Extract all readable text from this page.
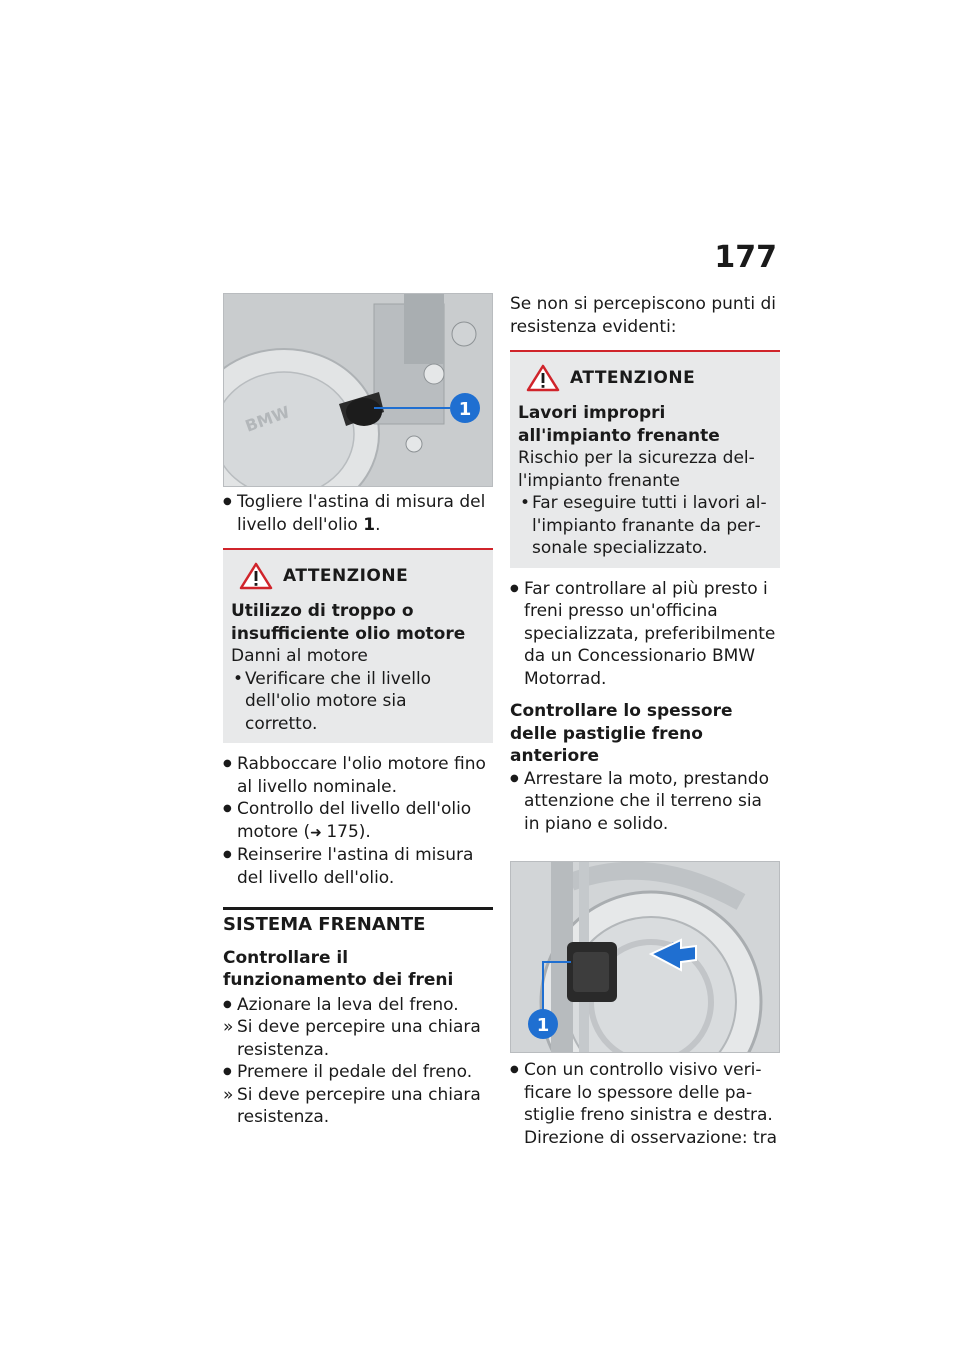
177
BMW	1

● Togliere l'astina di misura del livello dell'olio 1.

ATTENZIONE
Utilizzo di troppo o insufficiente olio motore
Danni al motore
• Verificare che il livello dell'olio motore sia corretto.

● Rabboccare l'olio motore fino al livello nominale.

● Controllo del livello dell'olio motore (➜ 175).

● Reinserire l'astina di misura del livello dell'olio.

SISTEMA FRENANTE
Controllare il funzionamento dei freni

● Azionare la leva del freno.

» Si deve percepire una chiara resistenza.

● Premere il pedale del freno.

» Si deve percepire una chiara resistenza.

Se non si percepiscono punti di resistenza evidenti:

ATTENZIONE
Lavori impropri all'impianto frenante
Rischio per la sicurezza dell'impianto frenante
• Far eseguire tutti i lavori all'impianto franante da personale specializzato.

● Far controllare al più presto i freni presso un'officina specializzata, preferibilmente da un Concessionario BMW Motorrad.

Controllare lo spessore delle pastiglie freno anteriore

● Arrestare la moto, prestando attenzione che il terreno sia in piano e solido.

1

● Con un controllo visivo verificare lo spessore delle pastiglie freno sinistra e destra. Direzione di osservazione: tra
